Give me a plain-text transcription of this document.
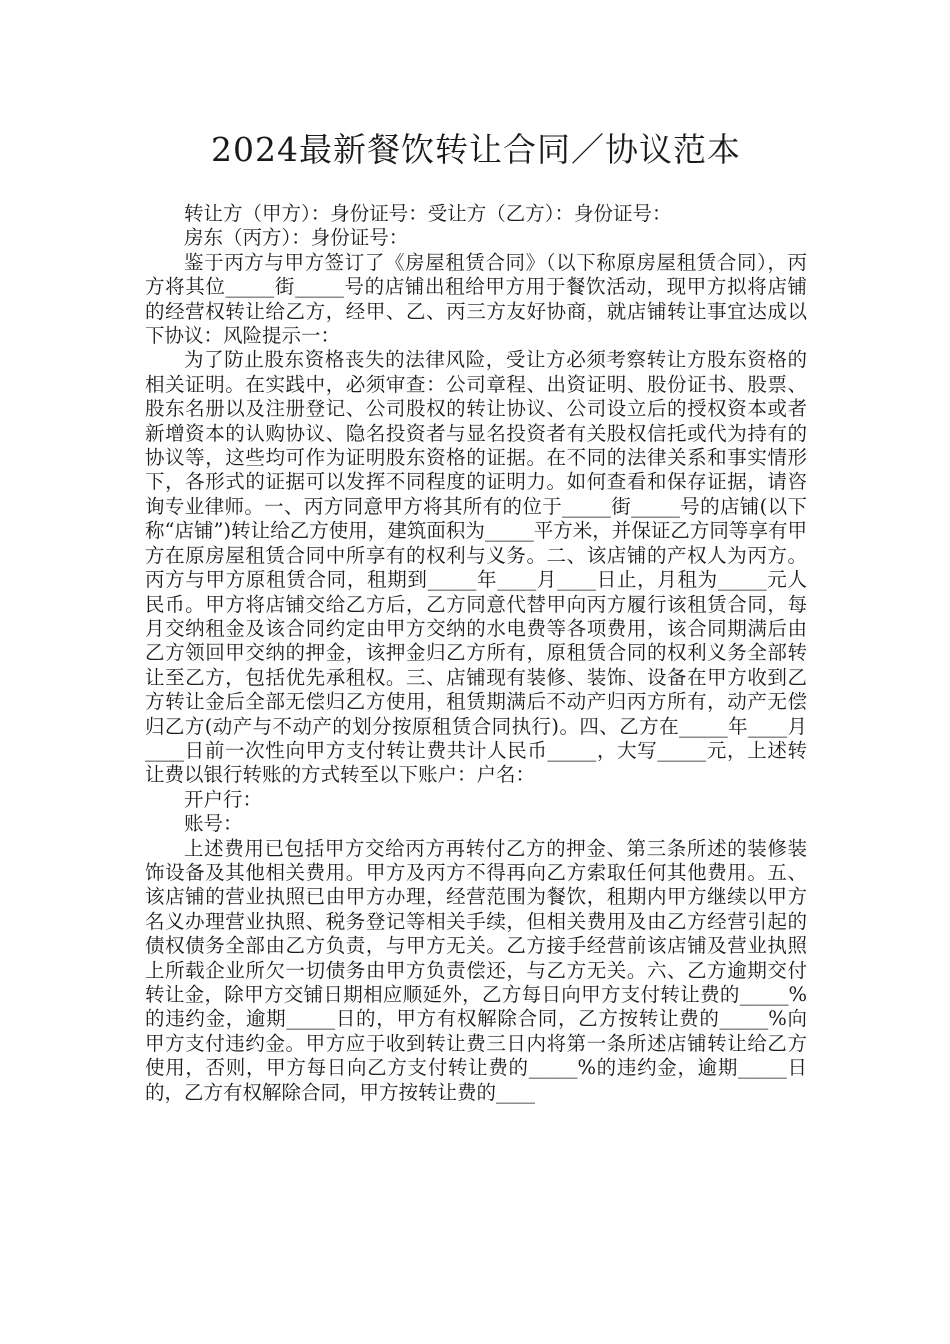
2024最新餐饮转让合同／协议范本

转让方（甲方）：身份证号：受让方（乙方）：身份证号：

房东（丙方）：身份证号：

鉴于丙方与甲方签订了《房屋租赁合同》（以下称原房屋租赁合同），丙方将其位_____街_____号的店铺出租给甲方用于餐饮活动，现甲方拟将店铺的经营权转让给乙方，经甲、乙、丙三方友好协商，就店铺转让事宜达成以下协议：风险提示一：

为了防止股东资格丧失的法律风险，受让方必须考察转让方股东资格的相关证明。在实践中，必须审查：公司章程、出资证明、股份证书、股票、股东名册以及注册登记、公司股权的转让协议、公司设立后的授权资本或者新增资本的认购协议、隐名投资者与显名投资者有关股权信托或代为持有的协议等，这些均可作为证明股东资格的证据。在不同的法律关系和事实情形下，各形式的证据可以发挥不同程度的证明力。如何查看和保存证据，请咨询专业律师。一、丙方同意甲方将其所有的位于_____街_____号的店铺(以下称“店铺”)转让给乙方使用，建筑面积为_____平方米，并保证乙方同等享有甲方在原房屋租赁合同中所享有的权利与义务。二、该店铺的产权人为丙方。丙方与甲方原租赁合同，租期到_____年____月____日止，月租为_____元人民币。甲方将店铺交给乙方后，乙方同意代替甲向丙方履行该租赁合同，每月交纳租金及该合同约定由甲方交纳的水电费等各项费用，该合同期满后由乙方领回甲交纳的押金，该押金归乙方所有，原租赁合同的权利义务全部转让至乙方，包括优先承租权。三、店铺现有装修、装饰、设备在甲方收到乙方转让金后全部无偿归乙方使用，租赁期满后不动产归丙方所有，动产无偿归乙方(动产与不动产的划分按原租赁合同执行)。四、乙方在_____年____月____日前一次性向甲方支付转让费共计人民币_____，大写_____元，上述转让费以银行转账的方式转至以下账户：户名：

开户行：

账号：

上述费用已包括甲方交给丙方再转付乙方的押金、第三条所述的装修装饰设备及其他相关费用。甲方及丙方不得再向乙方索取任何其他费用。五、该店铺的营业执照已由甲方办理，经营范围为餐饮，租期内甲方继续以甲方名义办理营业执照、税务登记等相关手续，但相关费用及由乙方经营引起的债权债务全部由乙方负责，与甲方无关。乙方接手经营前该店铺及营业执照上所载企业所欠一切债务由甲方负责偿还，与乙方无关。六、乙方逾期交付转让金，除甲方交铺日期相应顺延外，乙方每日向甲方支付转让费的_____%的违约金，逾期_____日的，甲方有权解除合同，乙方按转让费的_____%向甲方支付违约金。甲方应于收到转让费三日内将第一条所述店铺转让给乙方使用，否则，甲方每日向乙方支付转让费的_____%的违约金，逾期_____日的，乙方有权解除合同，甲方按转让费的____
